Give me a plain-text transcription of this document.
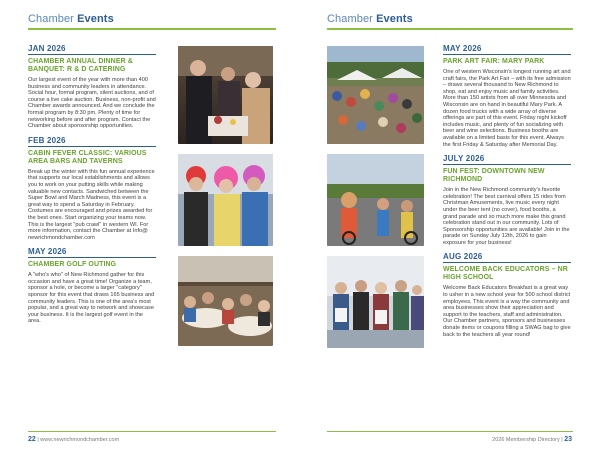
Chamber Events
JAN 2026
CHAMBER ANNUAL DINNER & BANQUET: R & D CATERING
Our largest event of the year with more than 400 business and community leaders in attendance. Social hour, formal program, silent auctions, and of course a live cake auction. Business, non-profit and Chamber awards announced. And we conclude the formal program by 8:30 pm. Plenty of time for networking before and after program. Contact the Chamber about sponsorship opportunities.
FEB 2026
CABIN FEVER CLASSIC: VARIOUS AREA BARS AND TAVERNS
Break up the winter with this fun annual experience that supports our local establishments and allows you to work on your putting skills while making valuable new contacts. Sandwiched between the Super Bowl and March Madness, this event is a great way to spend a Saturday in February. Costumes are encouraged and prizes awarded for the best ones. Start organizing your teams now. This is the largest "pub crawl" in western WI. For more information, contact the Chamber at Info@ newrichmondchamber.com
MAY 2026
CHAMBER GOLF OUTING
A "who's who" of New Richmond gather for this occasion and have a great time! Organize a team, sponsor a hole, or become a larger "category" sponsor for this event that draws 165 business and community leaders. This is one of the area's most popular, and a great way to network and showcase your business. It is the largest golf event in the area.
22 | www.newrichmondchamber.com
Chamber Events
MAY 2026
PARK ART FAIR: MARY PARK
One of western Wisconsin's longest running art and craft fairs, the Park Art Fair – with its free admission – draws several thousand to New Richmond to shop, eat and enjoy music and family activities. More than 150 artists from all over Minnesota and Wisconsin are on hand in beautiful Mary Park. A dozen food trucks with a wide array of diverse offerings are part of this event. Friday night kickoff includes music, and plenty of fun socializing with beer and wine selections. Business booths are available on a limited basis for this event. Always the first Friday & Saturday after Memorial Day.
JULY 2026
FUN FEST: DOWNTOWN NEW RICHMOND
Join in the New Richmond community's favorite celebration! The best carnival offers 15 rides from Christman Amusements, live music every night under the beer tent (no cover), food booths, a grand parade and so much more make this grand celebration stand out in our community. Lots of Sponsorship opportunities are available! Join in the parade on Sunday July 12th, 2026 to gain exposure for your business!
AUG 2026
WELCOME BACK EDUCATORS – NR HIGH SCHOOL
Welcome Back Educators Breakfast is a great way to usher in a new school year for 500 school district employees. This event is a way the community and area businesses show their appreciation and support to the teachers, staff and administration. Our Chamber partners, sponsors and businesses donate items or coupons filling a SWAG bag to give back to the teachers all year round!
2026 Membership Directory | 23
